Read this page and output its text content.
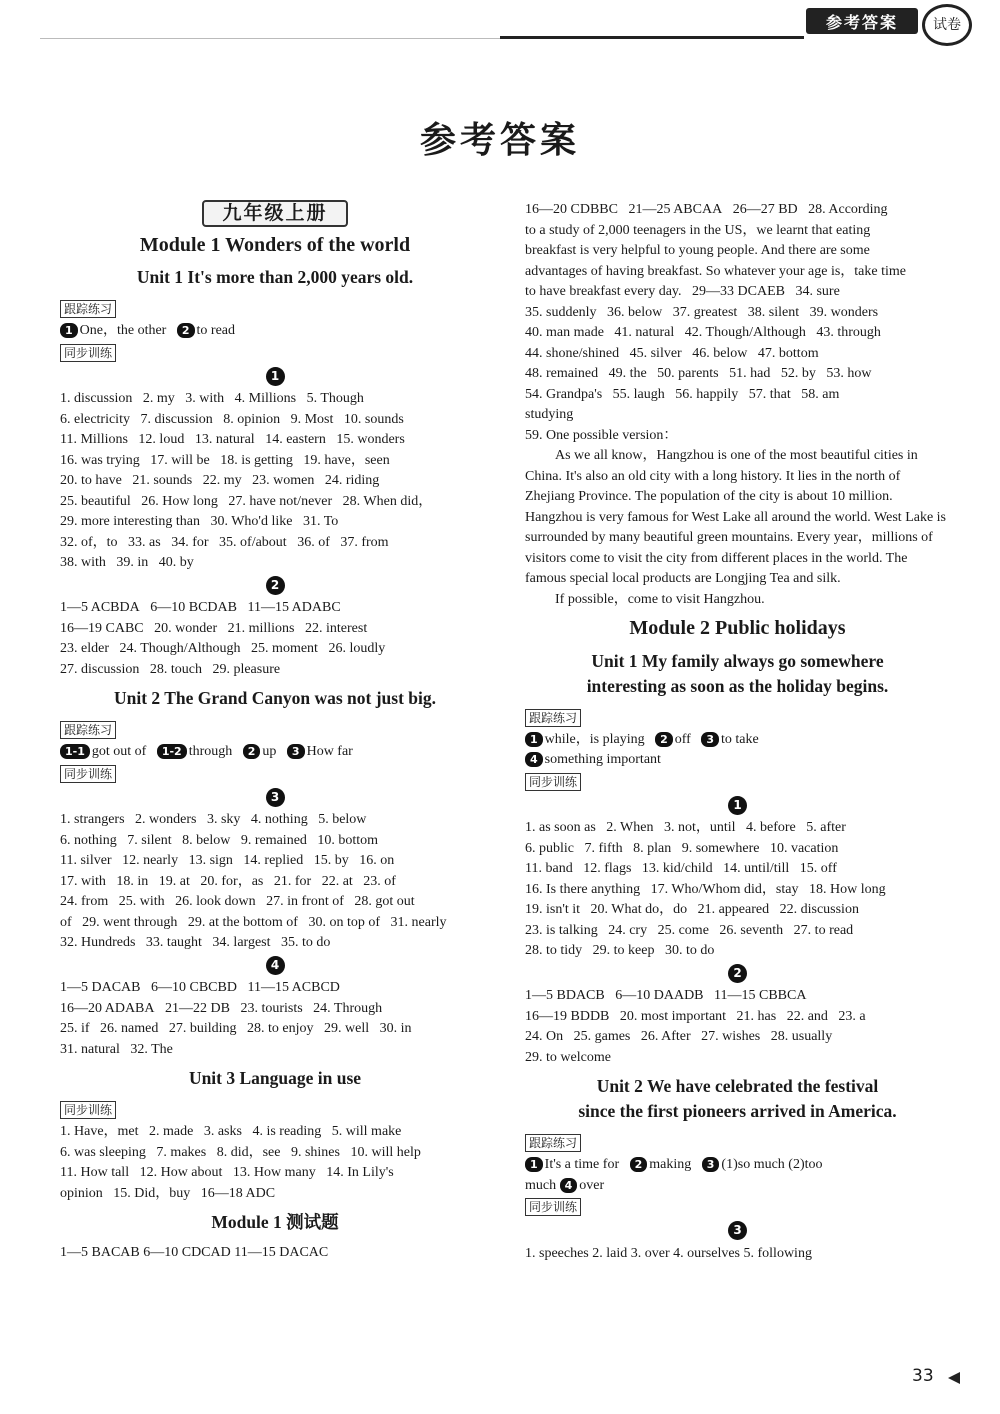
参考答案	试卷
参考答案
九年级上册
Module 1 Wonders of the world
Unit 1 It's more than 2,000 years old.
跟踪练习
1 One，the other   2 to read
同步训练
1
1. discussion   2. my   3. with   4. Millions   5. Though
6. electricity   7. discussion   8. opinion   9. Most   10. sounds
11. Millions   12. loud   13. natural   14. eastern   15. wonders
16. was trying   17. will be   18. is getting   19. have，seen
20. to have   21. sounds   22. my   23. women   24. riding
25. beautiful   26. How long   27. have not/never   28. When did，
29. more interesting than   30. Who'd like   31. To
32. of，to   33. as   34. for   35. of/about   36. of   37. from
38. with   39. in   40. by
2
1—5 ACBDA   6—10 BCDAB   11—15 ADABC
16—19 CABC   20. wonder   21. millions   22. interest
23. elder   24. Though/Although   25. moment   26. loudly
27. discussion   28. touch   29. pleasure
Unit 2 The Grand Canyon was not just big.
跟踪练习
1-1 got out of   1-2 through   2 up   3 How far
同步训练
3
1. strangers   2. wonders   3. sky   4. nothing   5. below
6. nothing   7. silent   8. below   9. remained   10. bottom
11. silver   12. nearly   13. sign   14. replied   15. by   16. on
17. with   18. in   19. at   20. for，as   21. for   22. at   23. of
24. from   25. with   26. look down   27. in front of   28. got out
of   29. went through   29. at the bottom of   30. on top of   31. nearly
32. Hundreds   33. taught   34. largest   35. to do
4
1—5 DACAB   6—10 CBCBD   11—15 ACBCD
16—20 ADABA   21—22 DB   23. tourists   24. Through
25. if   26. named   27. building   28. to enjoy   29. well   30. in
31. natural   32. The
Unit 3 Language in use
同步训练
1. Have，met   2. made   3. asks   4. is reading   5. will make
6. was sleeping   7. makes   8. did，see   9. shines   10. will help
11. How tall   12. How about   13. How many   14. In Lily's
opinion   15. Did，buy   16—18 ADC
Module 1 测试题
1—5 BACAB 6—10 CDCAD 11—15 DACAC
16—20 CDBBC   21—25 ABCAA   26—27 BD   28. According
to a study of 2,000 teenagers in the US，we learnt that eating
breakfast is very helpful to young people. And there are some
advantages of having breakfast. So whatever your age is，take time
to have breakfast every day.   29—33 DCAEB   34. sure
35. suddenly   36. below   37. greatest   38. silent   39. wonders
40. man made   41. natural   42. Though/Although   43. through
44. shone/shined   45. silver   46. below   47. bottom
48. remained   49. the   50. parents   51. had   52. by   53. how
54. Grandpa's   55. laugh   56. happily   57. that   58. am
studying
59. One possible version：

As we all know，Hangzhou is one of the most beautiful cities in China. It's also an old city with a long history. It lies in the north of Zhejiang Province. The population of the city is about 10 million. Hangzhou is very famous for West Lake all around the world. West Lake is surrounded by many beautiful green mountains. Every year，millions of visitors come to visit the city from different places in the world. The famous special local products are Longjing Tea and silk.

If possible，come to visit Hangzhou.

Module 2 Public holidays
Unit 1 My family always go somewhere
interesting as soon as the holiday begins.
跟踪练习
1 while，is playing   2 off   3 to take
4 something important
同步训练
1
1. as soon as   2. When   3. not，until   4. before   5. after
6. public   7. fifth   8. plan   9. somewhere   10. vacation
11. band   12. flags   13. kid/child   14. until/till   15. off
16. Is there anything   17. Who/Whom did，stay   18. How long
19. isn't it   20. What do，do   21. appeared   22. discussion
23. is talking   24. cry   25. come   26. seventh   27. to read
28. to tidy   29. to keep   30. to do
2
1—5 BDACB   6—10 DAADB   11—15 CBBCA
16—19 BDDB   20. most important   21. has   22. and   23. a
24. On   25. games   26. After   27. wishes   28. usually
29. to welcome
Unit 2 We have celebrated the festival
since the first pioneers arrived in America.
跟踪练习
1 It's a time for   2 making   3 (1)so much (2)too
much 4 over
同步训练
3
1. speeches 2. laid 3. over 4. ourselves 5. following
33
